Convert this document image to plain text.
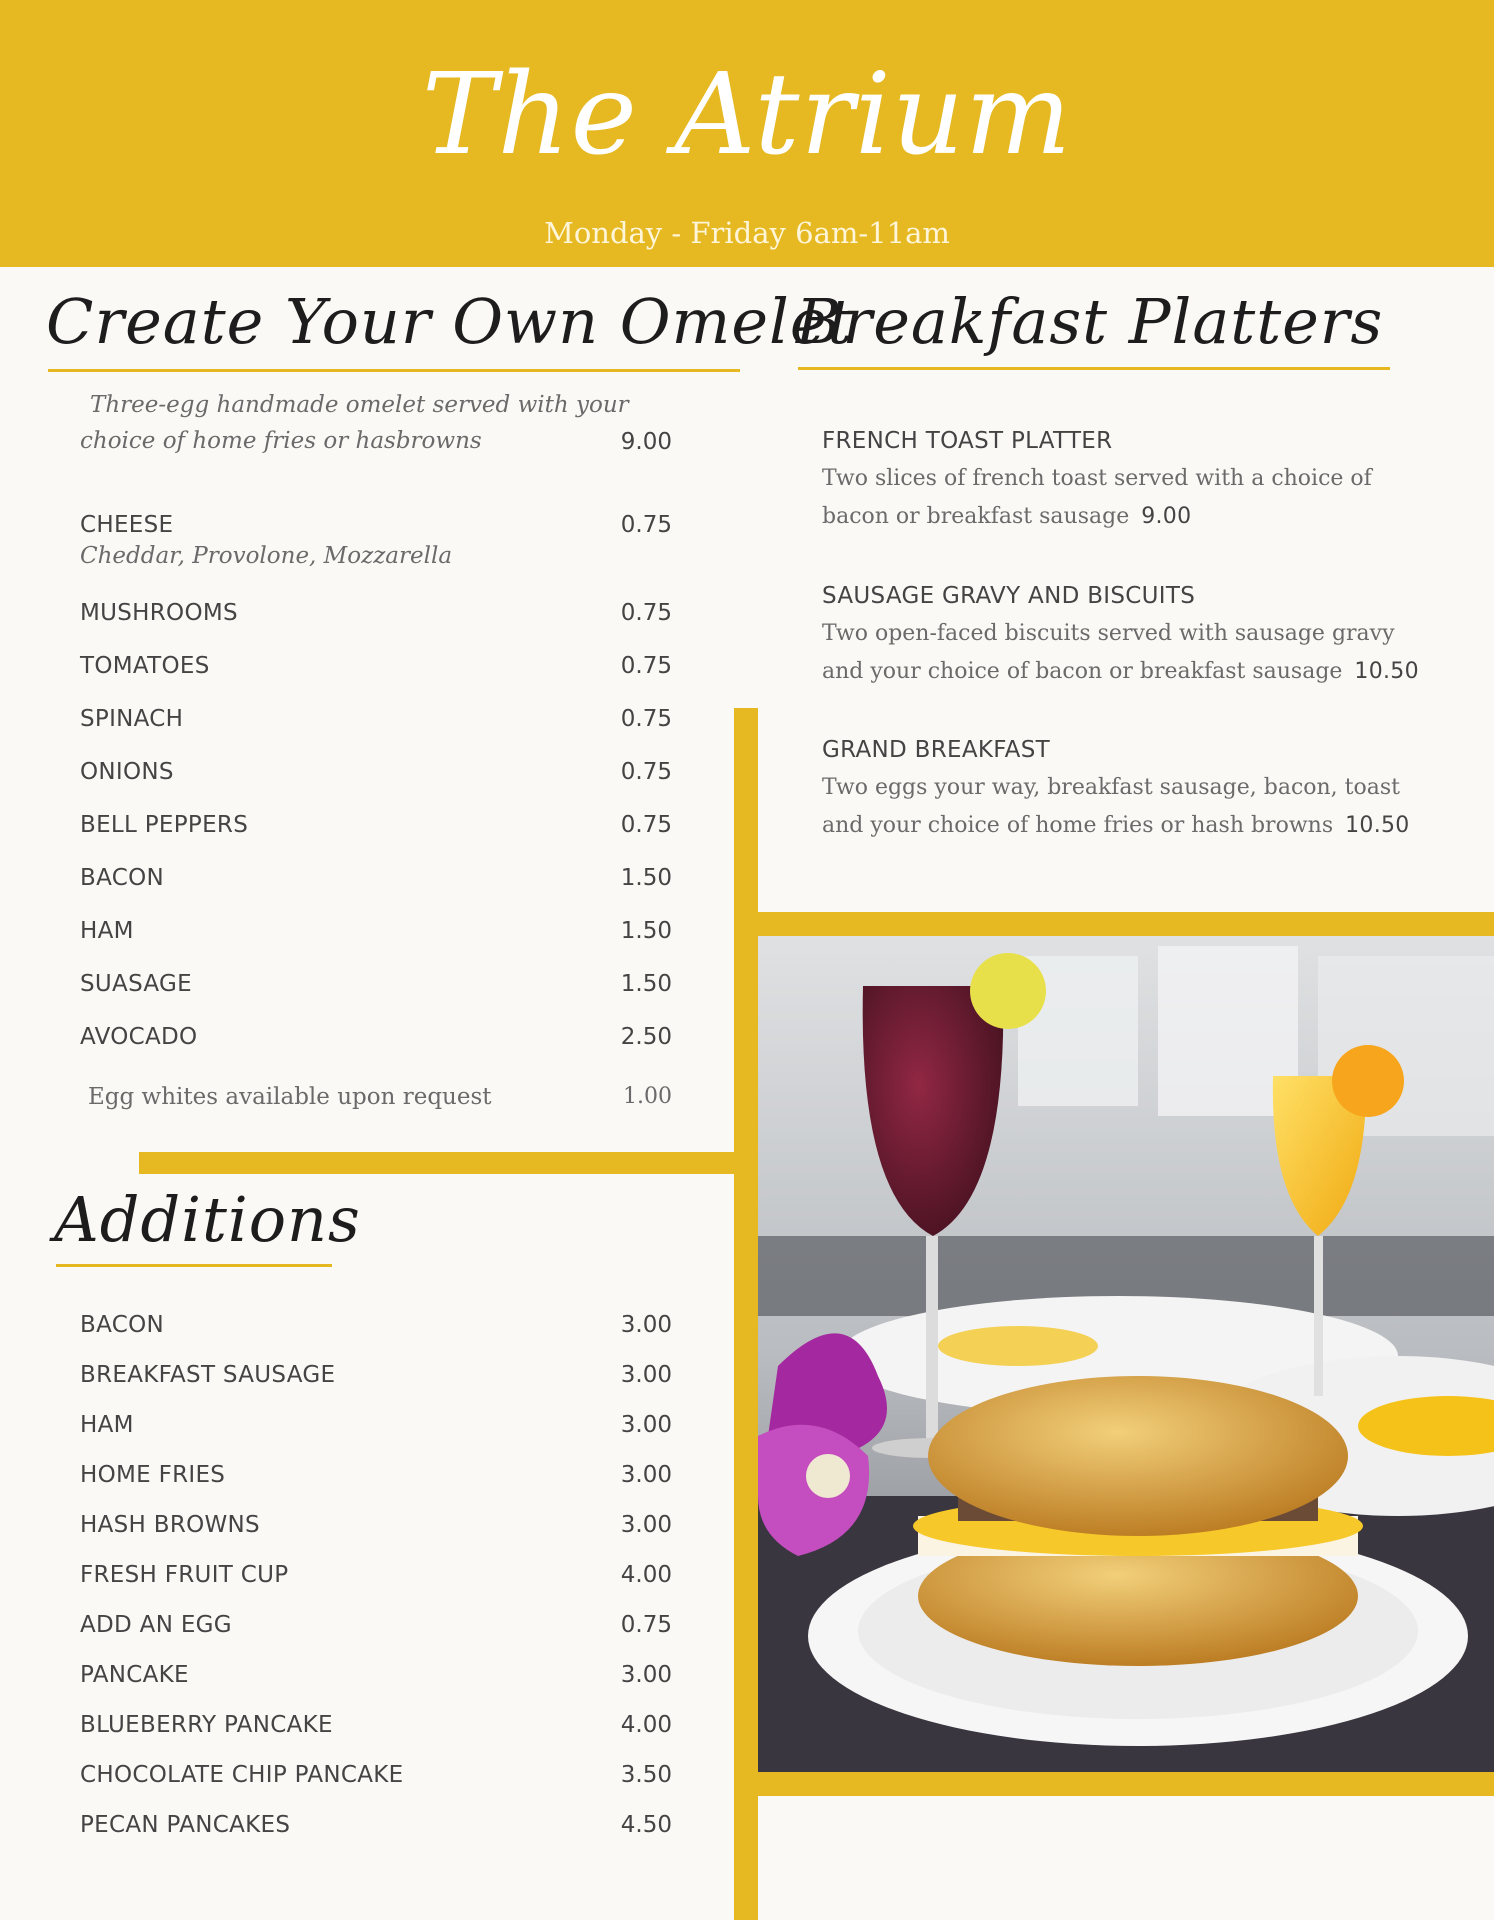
The Atrium
Monday - Friday 6am-11am
Create Your Own Omelet
Three-egg handmade omelet served with your
choice of home fries or hasbrowns	9.00
CHEESE	0.75
Cheddar, Provolone, Mozzarella
MUSHROOMS	0.75
TOMATOES	0.75
SPINACH	0.75
ONIONS	0.75
BELL PEPPERS	0.75
BACON	1.50
HAM	1.50
SUASAGE	1.50
AVOCADO	2.50
Egg whites available upon request	1.00
Additions
BACON	3.00
BREAKFAST SAUSAGE	3.00
HAM	3.00
HOME FRIES	3.00
HASH BROWNS	3.00
FRESH FRUIT CUP	4.00
ADD AN EGG	0.75
PANCAKE	3.00
BLUEBERRY PANCAKE	4.00
CHOCOLATE CHIP PANCAKE	3.50
PECAN PANCAKES	4.50
Breakfast Platters
FRENCH TOAST PLATTER
Two slices of french toast served with a choice of
bacon or breakfast sausage 9.00
SAUSAGE GRAVY AND BISCUITS
Two open-faced biscuits served with sausage gravy
and your choice of bacon or breakfast sausage 10.50
GRAND BREAKFAST
Two eggs your way, breakfast sausage, bacon, toast
and your choice of home fries or hash browns 10.50
